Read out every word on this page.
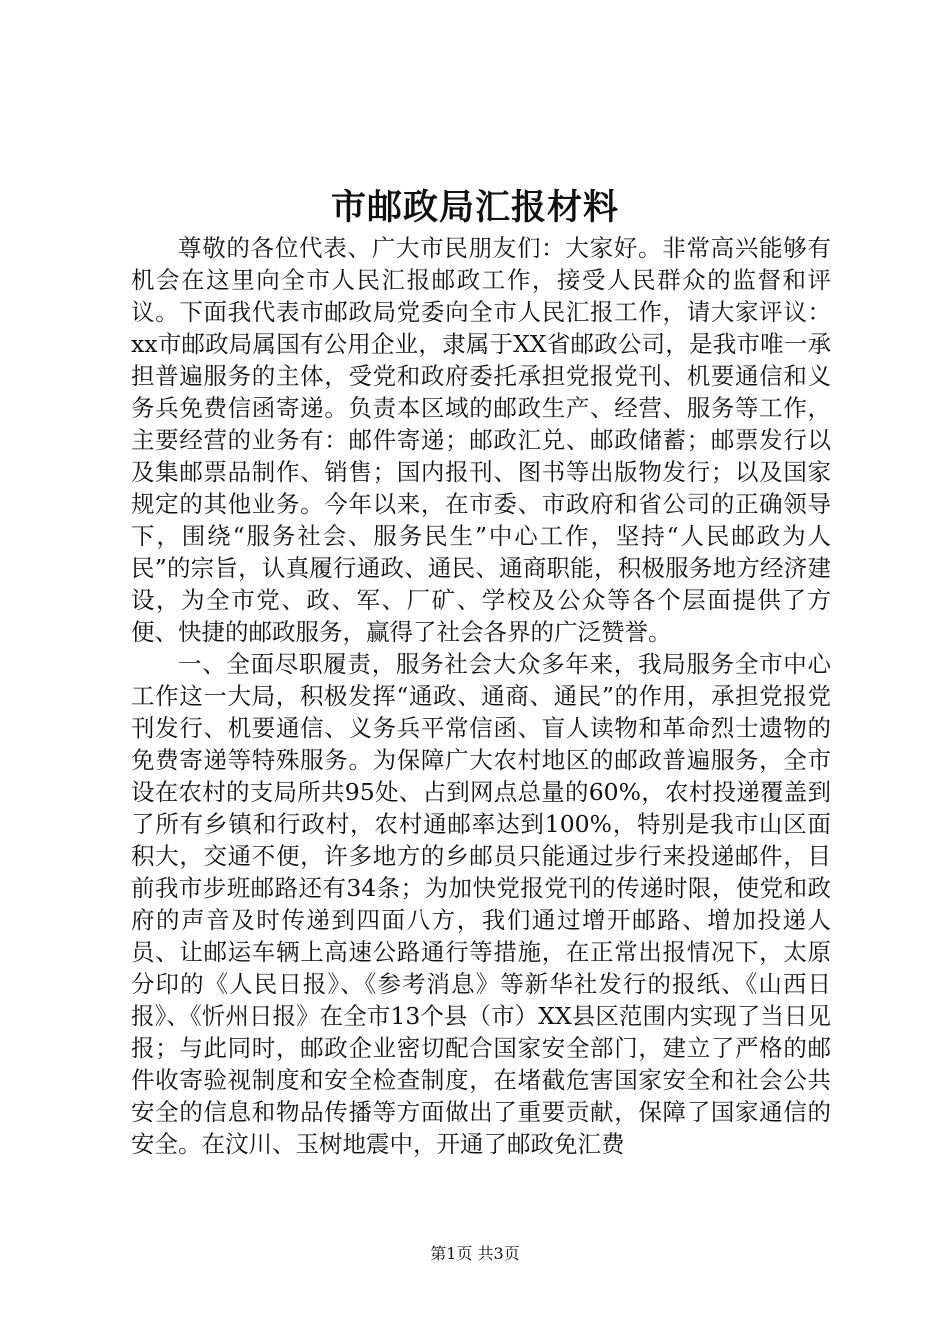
市邮政局汇报材料

尊敬的各位代表、广大市民朋友们：大家好。非常高兴能够有机会在这里向全市人民汇报邮政工作，接受人民群众的监督和评议。下面我代表市邮政局党委向全市人民汇报工作，请大家评议：xx市邮政局属国有公用企业，隶属于XX省邮政公司，是我市唯一承担普遍服务的主体，受党和政府委托承担党报党刊、机要通信和义务兵免费信函寄递。负责本区域的邮政生产、经营、服务等工作，主要经营的业务有：邮件寄递；邮政汇兑、邮政储蓄；邮票发行以及集邮票品制作、销售；国内报刊、图书等出版物发行；以及国家规定的其他业务。今年以来，在市委、市政府和省公司的正确领导下，围绕“服务社会、服务民生”中心工作，坚持“人民邮政为人民”的宗旨，认真履行通政、通民、通商职能，积极服务地方经济建设，为全市党、政、军、厂矿、学校及公众等各个层面提供了方便、快捷的邮政服务，赢得了社会各界的广泛赞誉。

一、全面尽职履责，服务社会大众多年来，我局服务全市中心工作这一大局，积极发挥“通政、通商、通民”的作用，承担党报党刊发行、机要通信、义务兵平常信函、盲人读物和革命烈士遗物的免费寄递等特殊服务。为保障广大农村地区的邮政普遍服务，全市设在农村的支局所共95处、占到网点总量的60%，农村投递覆盖到了所有乡镇和行政村，农村通邮率达到100%，特别是我市山区面积大，交通不便，许多地方的乡邮员只能通过步行来投递邮件，目前我市步班邮路还有34条；为加快党报党刊的传递时限，使党和政府的声音及时传递到四面八方，我们通过增开邮路、增加投递人员、让邮运车辆上高速公路通行等措施，在正常出报情况下，太原分印的《人民日报》、《参考消息》等新华社发行的报纸、《山西日报》、《忻州日报》在全市13个县（市）XX县区范围内实现了当日见报；与此同时，邮政企业密切配合国家安全部门，建立了严格的邮件收寄验视制度和安全检查制度，在堵截危害国家安全和社会公共安全的信息和物品传播等方面做出了重要贡献，保障了国家通信的安全。在汶川、玉树地震中，开通了邮政免汇费

第1页 共3页
